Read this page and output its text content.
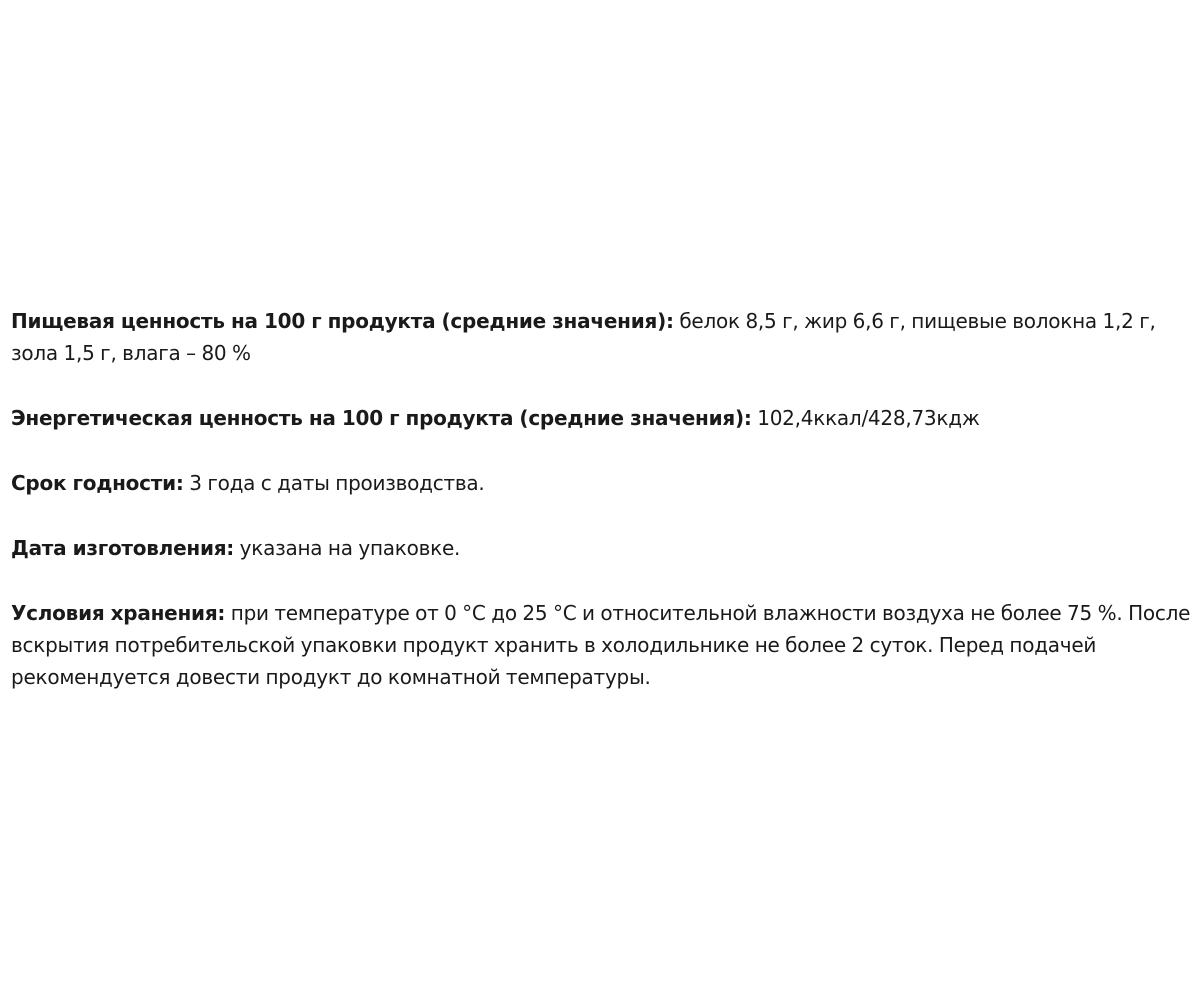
Пищевая ценность на 100 г продукта (средние значения): белок 8,5 г, жир 6,6 г, пищевые волокна 1,2 г, зола 1,5 г, влага – 80 %

Энергетическая ценность на 100 г продукта (средние значения): 102,4ккал/428,73кдж

Срок годности: 3 года с даты производства.

Дата изготовления: указана на упаковке.

Условия хранения: при температуре от 0 °С до 25 °С и относительной влажности воздуха не более 75 %. После вскрытия потребительской упаковки продукт хранить в холодильнике не более 2 суток. Перед подачей рекомендуется довести продукт до комнатной температуры.
